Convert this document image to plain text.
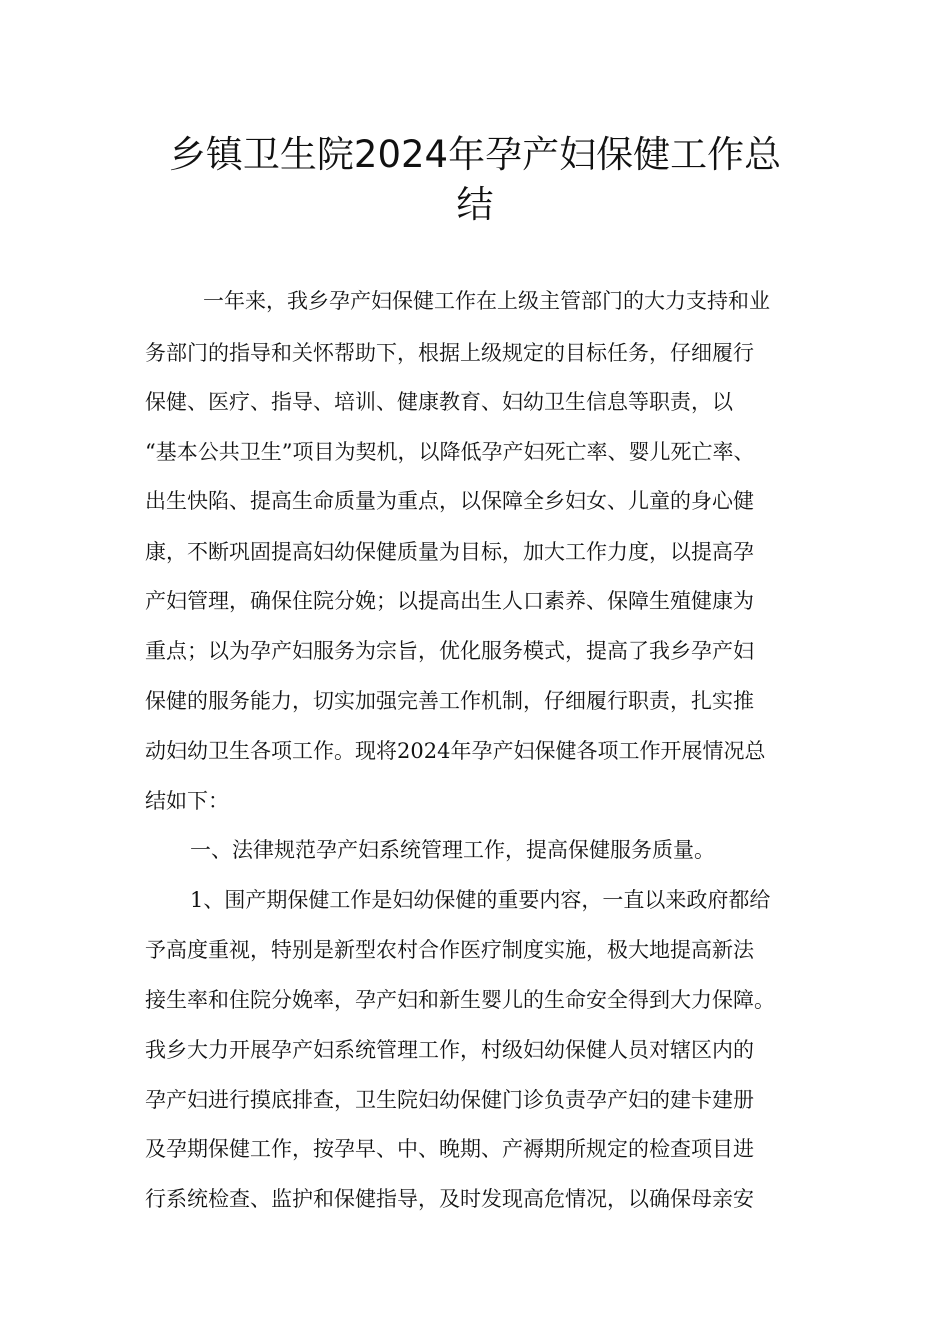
乡镇卫生院2024年孕产妇保健工作总
结

一年来，我乡孕产妇保健工作在上级主管部门的大力支持和业

务部门的指导和关怀帮助下，根据上级规定的目标任务，仔细履行

保健、医疗、指导、培训、健康教育、妇幼卫生信息等职责，以

“基本公共卫生”项目为契机，以降低孕产妇死亡率、婴儿死亡率、

出生快陷、提高生命质量为重点，以保障全乡妇女、儿童的身心健

康，不断巩固提高妇幼保健质量为目标，加大工作力度，以提高孕

产妇管理，确保住院分娩；以提高出生人口素养、保障生殖健康为

重点；以为孕产妇服务为宗旨，优化服务模式，提高了我乡孕产妇

保健的服务能力，切实加强完善工作机制，仔细履行职责，扎实推

动妇幼卫生各项工作。现将2024年孕产妇保健各项工作开展情况总

结如下：

一、法律规范孕产妇系统管理工作，提高保健服务质量。

1、围产期保健工作是妇幼保健的重要内容，一直以来政府都给

予高度重视，特别是新型农村合作医疗制度实施，极大地提高新法

接生率和住院分娩率，孕产妇和新生婴儿的生命安全得到大力保障。

我乡大力开展孕产妇系统管理工作，村级妇幼保健人员对辖区内的

孕产妇进行摸底排查，卫生院妇幼保健门诊负责孕产妇的建卡建册

及孕期保健工作，按孕早、中、晚期、产褥期所规定的检查项目进

行系统检查、监护和保健指导，及时发现高危情况，以确保母亲安
